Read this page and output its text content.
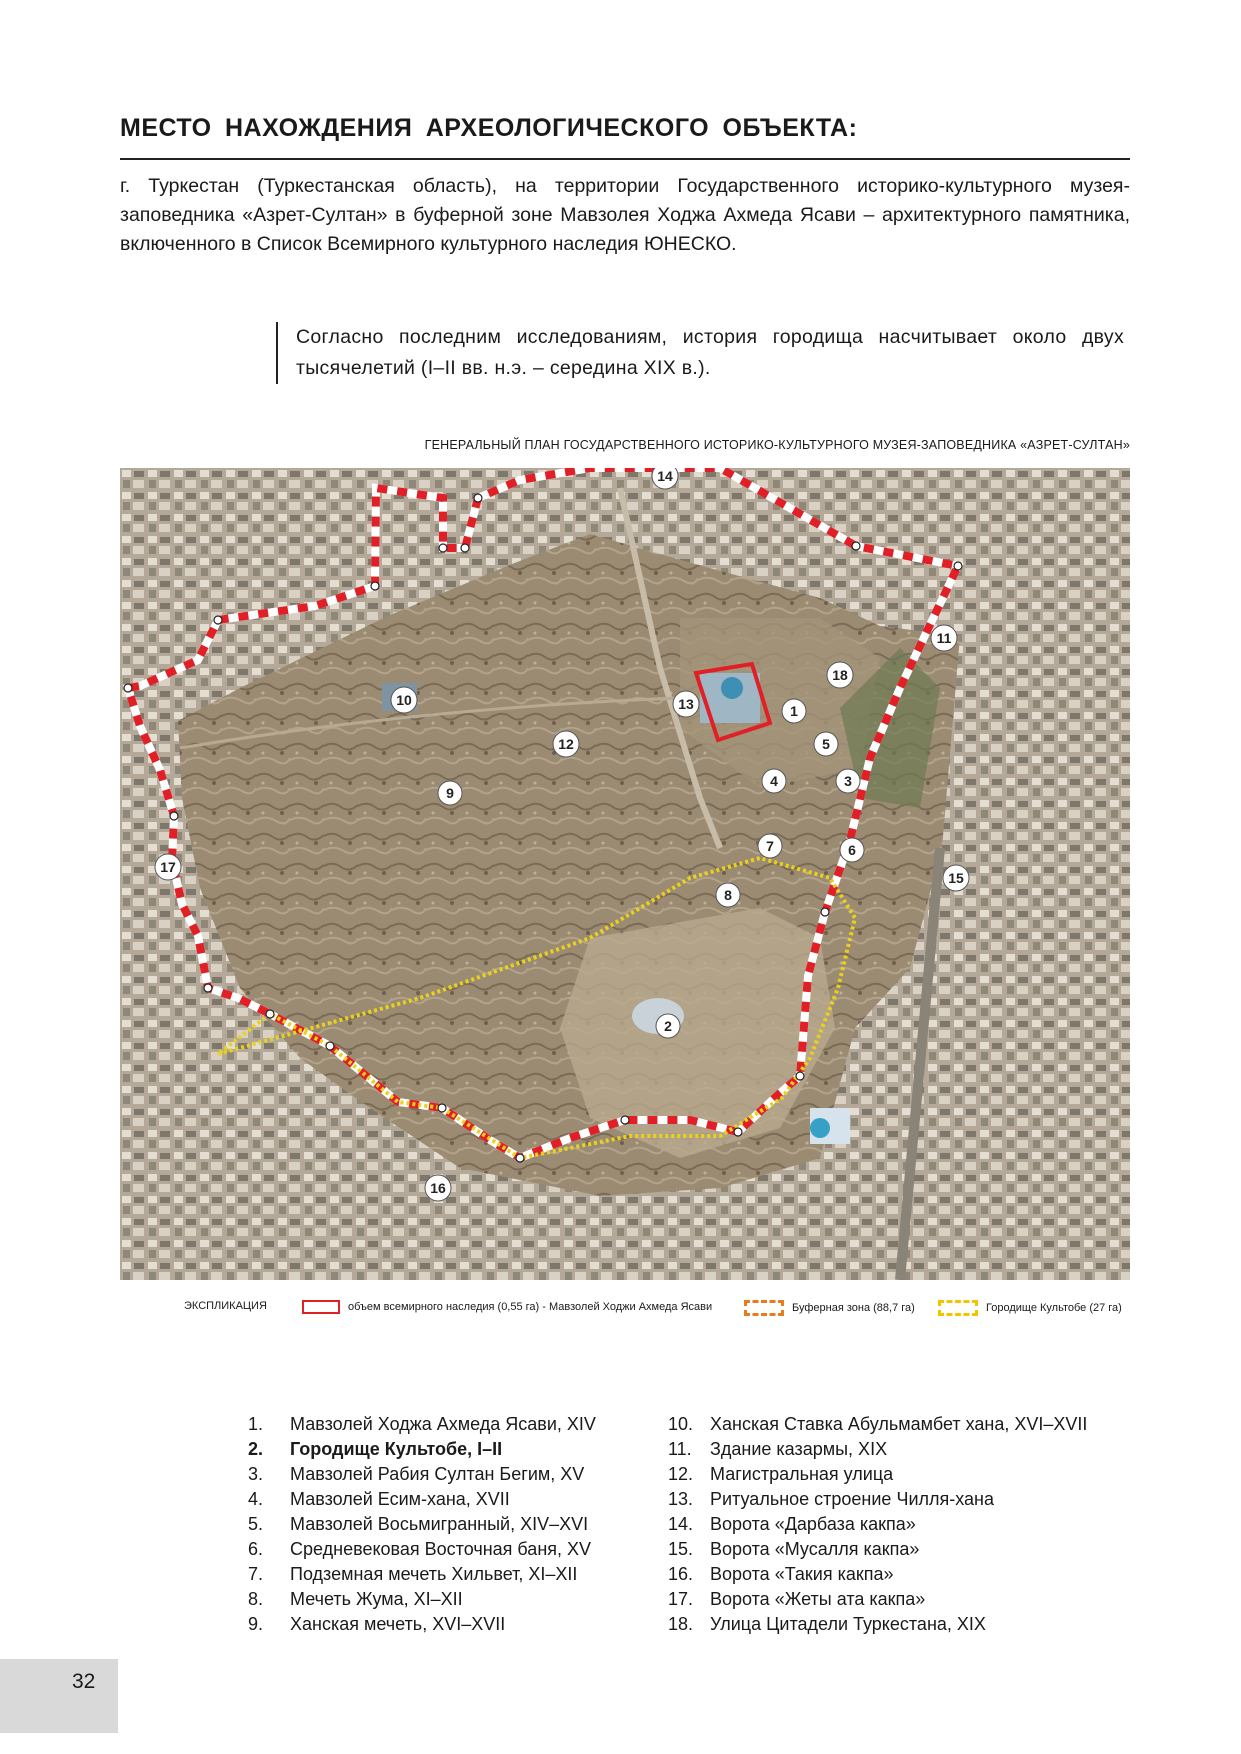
МЕСТО НАХОЖДЕНИЯ АРХЕОЛОГИЧЕСКОГО ОБЪЕКТА:

г. Туркестан (Туркестанская область), на территории Государственного историко-культурного музея-заповедника «Азрет-Султан» в буферной зоне Мавзолея Ходжа Ахмеда Ясави – архитектурного памятника, включенного в Список Всемирного культурного наследия ЮНЕСКО.

Согласно последним исследованиям, история городища насчитывает около двух тысячелетий (I–II вв. н.э. – середина XIX в.).

ГЕНЕРАЛЬНЫЙ ПЛАН ГОСУДАРСТВЕННОГО ИСТОРИКО-КУЛЬТУРНОГО МУЗЕЯ-ЗАПОВЕДНИКА «АЗРЕТ-СУЛТАН»
1
2
3
4
5
6
7
8
9
10
11
12
13
14
15
16
17
18
ЭКСПЛИКАЦИЯ	объем всемирного наследия (0,55 га) - Мавзолей Ходжи Ахмеда Ясави	Буферная зона (88,7 га)	Городище Культобе (27 га)
1. Мавзолей Ходжа Ахмеда Ясави, XIV
2. Городище Культобе, I–II
3. Мавзолей Рабия Султан Бегим, XV
4. Мавзолей Есим-хана, XVII
5. Мавзолей Восьмигранный, XIV–XVI
6. Средневековая Восточная баня, XV
7. Подземная мечеть Хильвет, XI–XII
8. Мечеть Жума, XI–XII
9. Ханская мечеть, XVI–XVII
10. Ханская Ставка Абульмамбет хана, XVI–XVII
11. Здание казармы, XIX
12. Магистральная улица
13. Ритуальное строение Чилля-хана
14. Ворота «Дарбаза какпа»
15. Ворота «Мусалля какпа»
16. Ворота «Такия какпа»
17. Ворота «Жеты ата какпа»
18. Улица Цитадели Туркестана, XIX
32
